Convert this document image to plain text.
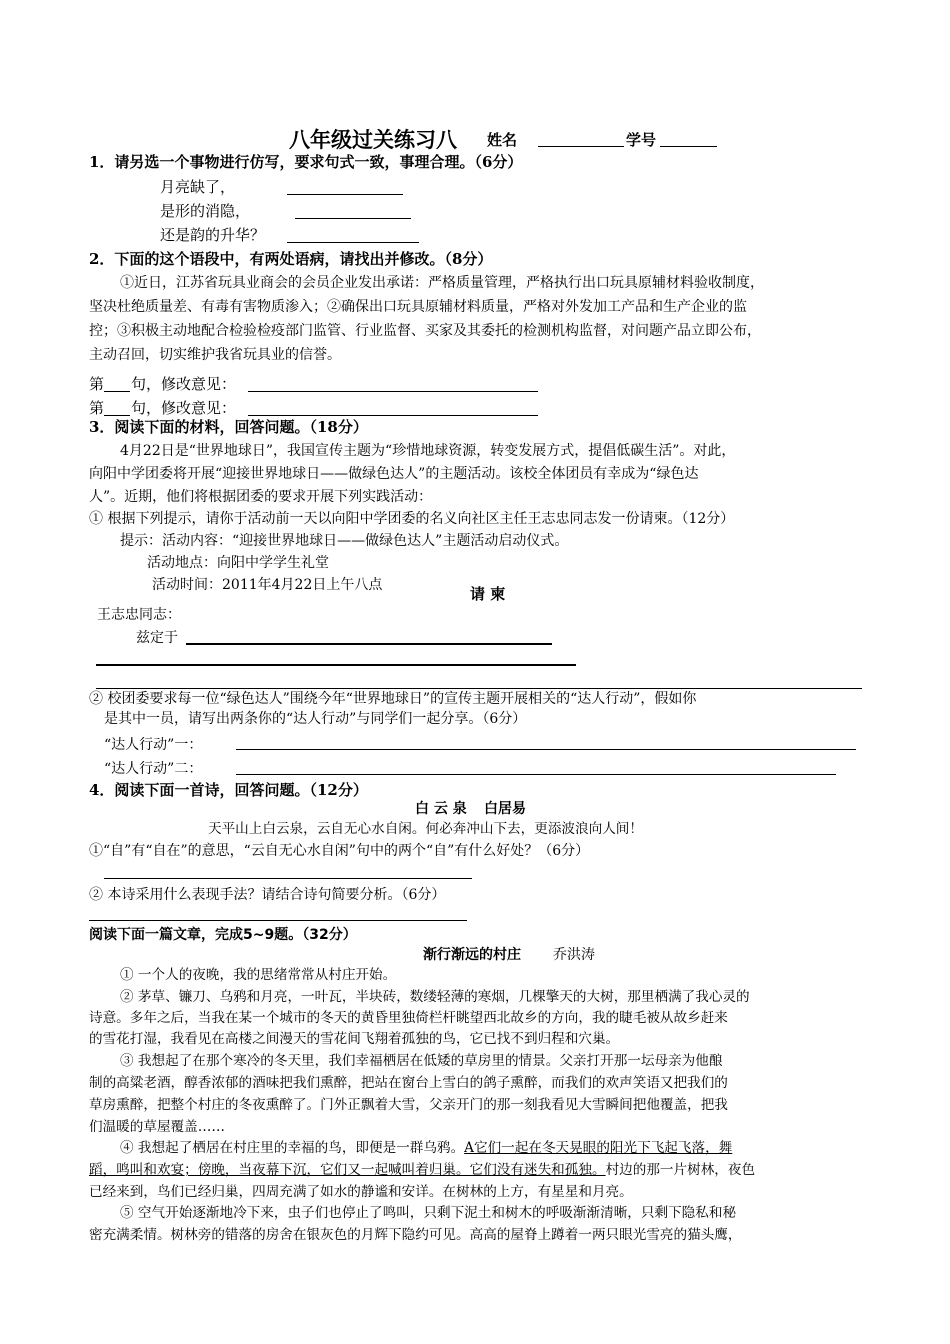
八年级过关练习八 姓名	学号
1．请另选一个事物进行仿写，要求句式一致，事理合理。（6分）
月亮缺了，
是形的消隐，
还是韵的升华？
2．下面的这个语段中，有两处语病，请找出并修改。（8分）
①近日，江苏省玩具业商会的会员企业发出承诺：严格质量管理，严格执行出口玩具原辅材料验收制度，
坚决杜绝质量差、有毒有害物质渗入；②确保出口玩具原辅材料质量，严格对外发加工产品和生产企业的监
控；③积极主动地配合检验检疫部门监管、行业监督、买家及其委托的检测机构监督，对问题产品立即公布，
主动召回，切实维护我省玩具业的信誉。
第 句，修改意见：
第 句，修改意见：
3．阅读下面的材料，回答问题。（18分）
4月22日是“世界地球日”，我国宣传主题为“珍惜地球资源，转变发展方式，提倡低碳生活”。对此，
向阳中学团委将开展“迎接世界地球日——做绿色达人”的主题活动。该校全体团员有幸成为“绿色达
人”。近期，他们将根据团委的要求开展下列实践活动：
① 根据下列提示，请你于活动前一天以向阳中学团委的名义向社区主任王志忠同志发一份请柬。（12分）
提示：活动内容：“迎接世界地球日——做绿色达人”主题活动启动仪式。
活动地点：向阳中学学生礼堂
活动时间：2011年4月22日上午八点	请 柬
王志忠同志：
兹定于
② 校团委要求每一位“绿色达人”围绕今年“世界地球日”的宣传主题开展相关的“达人行动”，假如你
是其中一员，请写出两条你的“达人行动”与同学们一起分享。（6分）
“达人行动”一：
“达人行动”二：
4．阅读下面一首诗，回答问题。（12分）
白 云 泉 白居易
天平山上白云泉，云自无心水自闲。何必奔冲山下去，更添波浪向人间！
①“自”有“自在”的意思，“云自无心水自闲”句中的两个“自”有什么好处？（6分）
② 本诗采用什么表现手法？请结合诗句简要分析。（6分）
阅读下面一篇文章，完成5~9题。（32分）
渐行渐远的村庄 乔洪涛
① 一个人的夜晚，我的思绪常常从村庄开始。
② 茅草、镰刀、乌鸦和月亮，一叶瓦，半块砖，数缕轻薄的寒烟，几棵擎天的大树，那里栖满了我心灵的
诗意。多年之后，当我在某一个城市的冬天的黄昏里独倚栏杆眺望西北故乡的方向，我的睫毛被从故乡赶来
的雪花打湿，我看见在高楼之间漫天的雪花间飞翔着孤独的鸟，它已找不到归程和穴巢。
③ 我想起了在那个寒冷的冬天里，我们幸福栖居在低矮的草房里的情景。父亲打开那一坛母亲为他酿
制的高粱老酒，醇香浓郁的酒味把我们熏醉，把站在窗台上雪白的鸽子熏醉，而我们的欢声笑语又把我们的
草房熏醉，把整个村庄的冬夜熏醉了。门外正飘着大雪，父亲开门的那一刻我看见大雪瞬间把他覆盖，把我
们温暖的草屋覆盖……
④ 我想起了栖居在村庄里的幸福的鸟，即便是一群乌鸦。A它们一起在冬天晃眼的阳光下飞起飞落，舞
蹈，鸣叫和欢宴；傍晚，当夜幕下沉，它们又一起喊叫着归巢。它们没有迷失和孤独。村边的那一片树林，夜色
已经来到，鸟们已经归巢，四周充满了如水的静谧和安详。在树林的上方，有星星和月亮。
⑤ 空气开始逐渐地冷下来，虫子们也停止了鸣叫，只剩下泥土和树木的呼吸渐渐清晰，只剩下隐私和秘
密充满柔情。树林旁的错落的房舍在银灰色的月辉下隐约可见。高高的屋脊上蹲着一两只眼光雪亮的猫头鹰，
